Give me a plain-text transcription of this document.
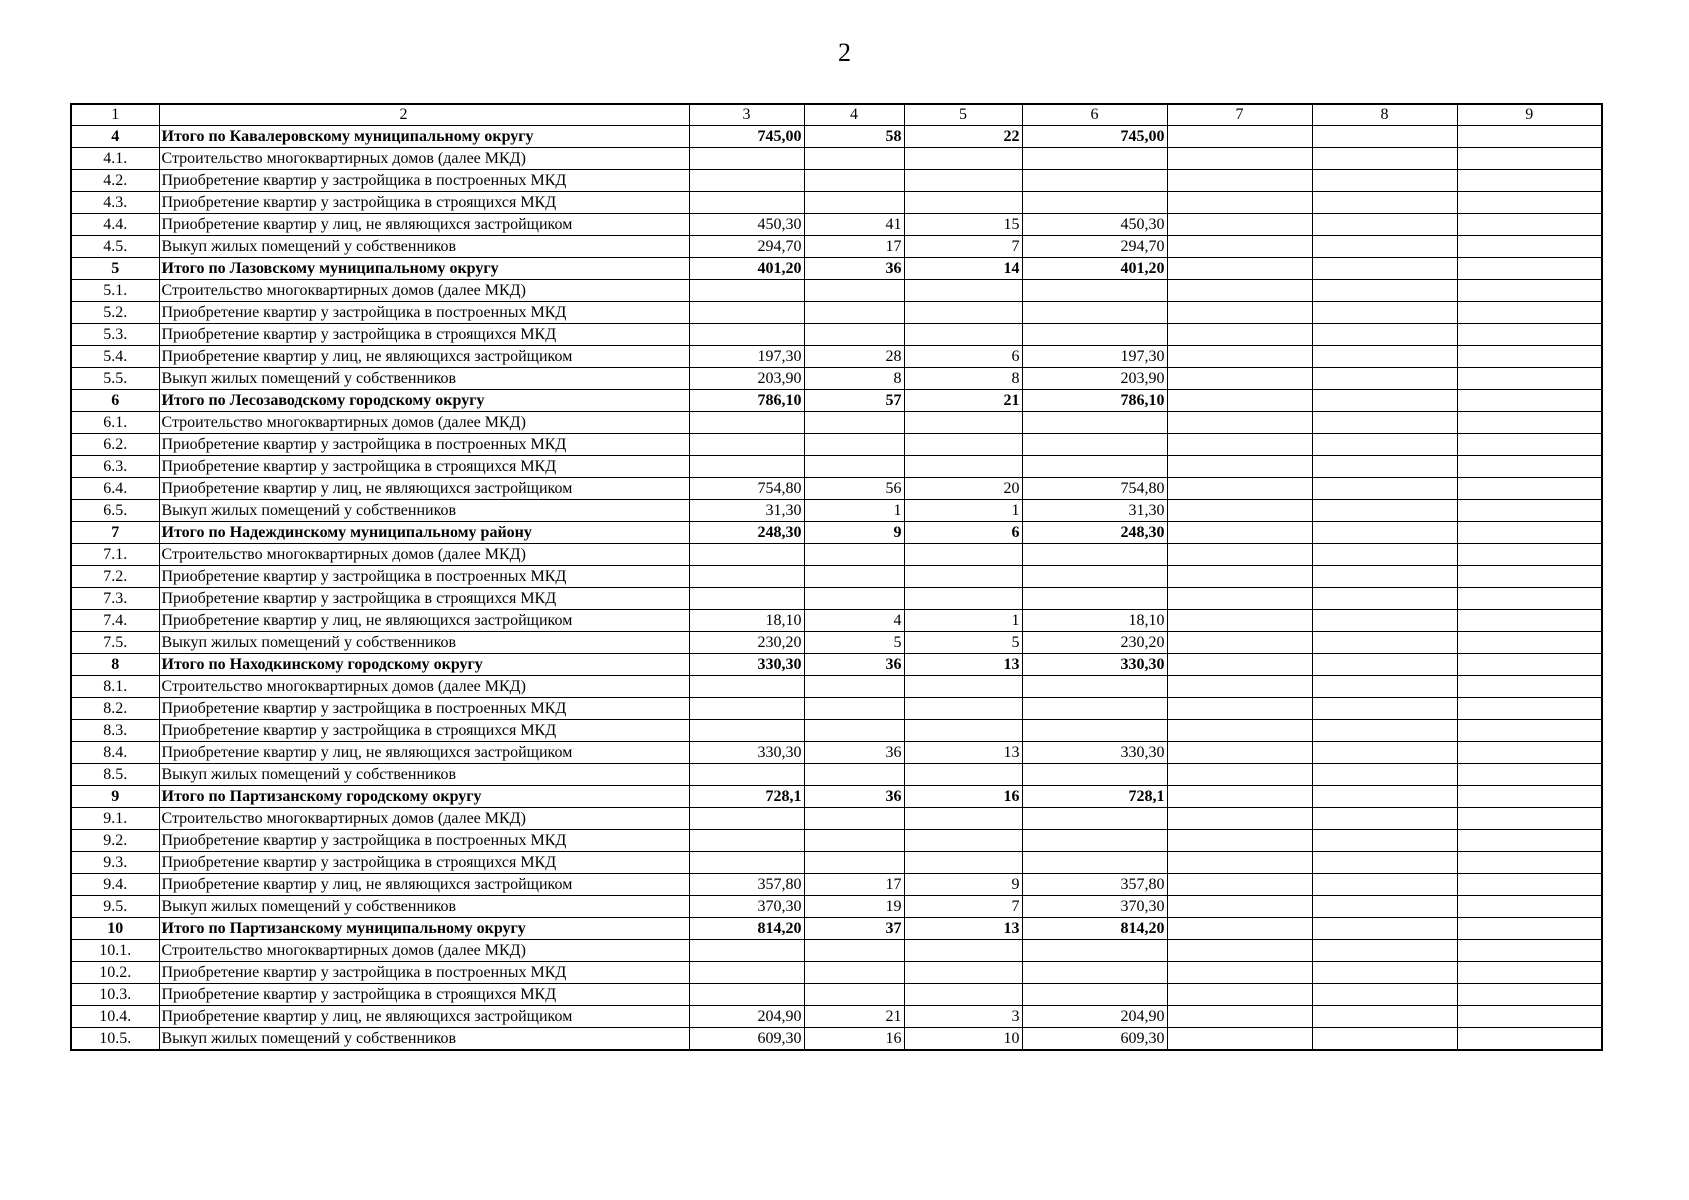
2
1	2	3	4	5	6	7	8	9
4	Итого по Кавалеровскому муниципальному округу	745,00	58	22	745,00			
4.1.	Строительство многоквартирных домов (далее МКД)							
4.2.	Приобретение квартир у застройщика в построенных МКД							
4.3.	Приобретение квартир у застройщика в строящихся МКД							
4.4.	Приобретение квартир у лиц, не являющихся застройщиком	450,30	41	15	450,30			
4.5.	Выкуп жилых помещений у собственников	294,70	17	7	294,70			
5	Итого по Лазовскому муниципальному округу	401,20	36	14	401,20			
5.1.	Строительство многоквартирных домов (далее МКД)							
5.2.	Приобретение квартир у застройщика в построенных МКД							
5.3.	Приобретение квартир у застройщика в строящихся МКД							
5.4.	Приобретение квартир у лиц, не являющихся застройщиком	197,30	28	6	197,30			
5.5.	Выкуп жилых помещений у собственников	203,90	8	8	203,90			
6	Итого по Лесозаводскому городскому округу	786,10	57	21	786,10			
6.1.	Строительство многоквартирных домов (далее МКД)							
6.2.	Приобретение квартир у застройщика в построенных МКД							
6.3.	Приобретение квартир у застройщика в строящихся МКД							
6.4.	Приобретение квартир у лиц, не являющихся застройщиком	754,80	56	20	754,80			
6.5.	Выкуп жилых помещений у собственников	31,30	1	1	31,30			
7	Итого по Надеждинскому муниципальному району	248,30	9	6	248,30			
7.1.	Строительство многоквартирных домов (далее МКД)							
7.2.	Приобретение квартир у застройщика в построенных МКД							
7.3.	Приобретение квартир у застройщика в строящихся МКД							
7.4.	Приобретение квартир у лиц, не являющихся застройщиком	18,10	4	1	18,10			
7.5.	Выкуп жилых помещений у собственников	230,20	5	5	230,20			
8	Итого по Находкинскому городскому округу	330,30	36	13	330,30			
8.1.	Строительство многоквартирных домов (далее МКД)							
8.2.	Приобретение квартир у застройщика в построенных МКД							
8.3.	Приобретение квартир у застройщика в строящихся МКД							
8.4.	Приобретение квартир у лиц, не являющихся застройщиком	330,30	36	13	330,30			
8.5.	Выкуп жилых помещений у собственников							
9	Итого по Партизанскому городскому округу	728,1	36	16	728,1			
9.1.	Строительство многоквартирных домов (далее МКД)							
9.2.	Приобретение квартир у застройщика в построенных МКД							
9.3.	Приобретение квартир у застройщика в строящихся МКД							
9.4.	Приобретение квартир у лиц, не являющихся застройщиком	357,80	17	9	357,80			
9.5.	Выкуп жилых помещений у собственников	370,30	19	7	370,30			
10	Итого по Партизанскому муниципальному округу	814,20	37	13	814,20			
10.1.	Строительство многоквартирных домов (далее МКД)							
10.2.	Приобретение квартир у застройщика в построенных МКД							
10.3.	Приобретение квартир у застройщика в строящихся МКД							
10.4.	Приобретение квартир у лиц, не являющихся застройщиком	204,90	21	3	204,90			
10.5.	Выкуп жилых помещений у собственников	609,30	16	10	609,30			
